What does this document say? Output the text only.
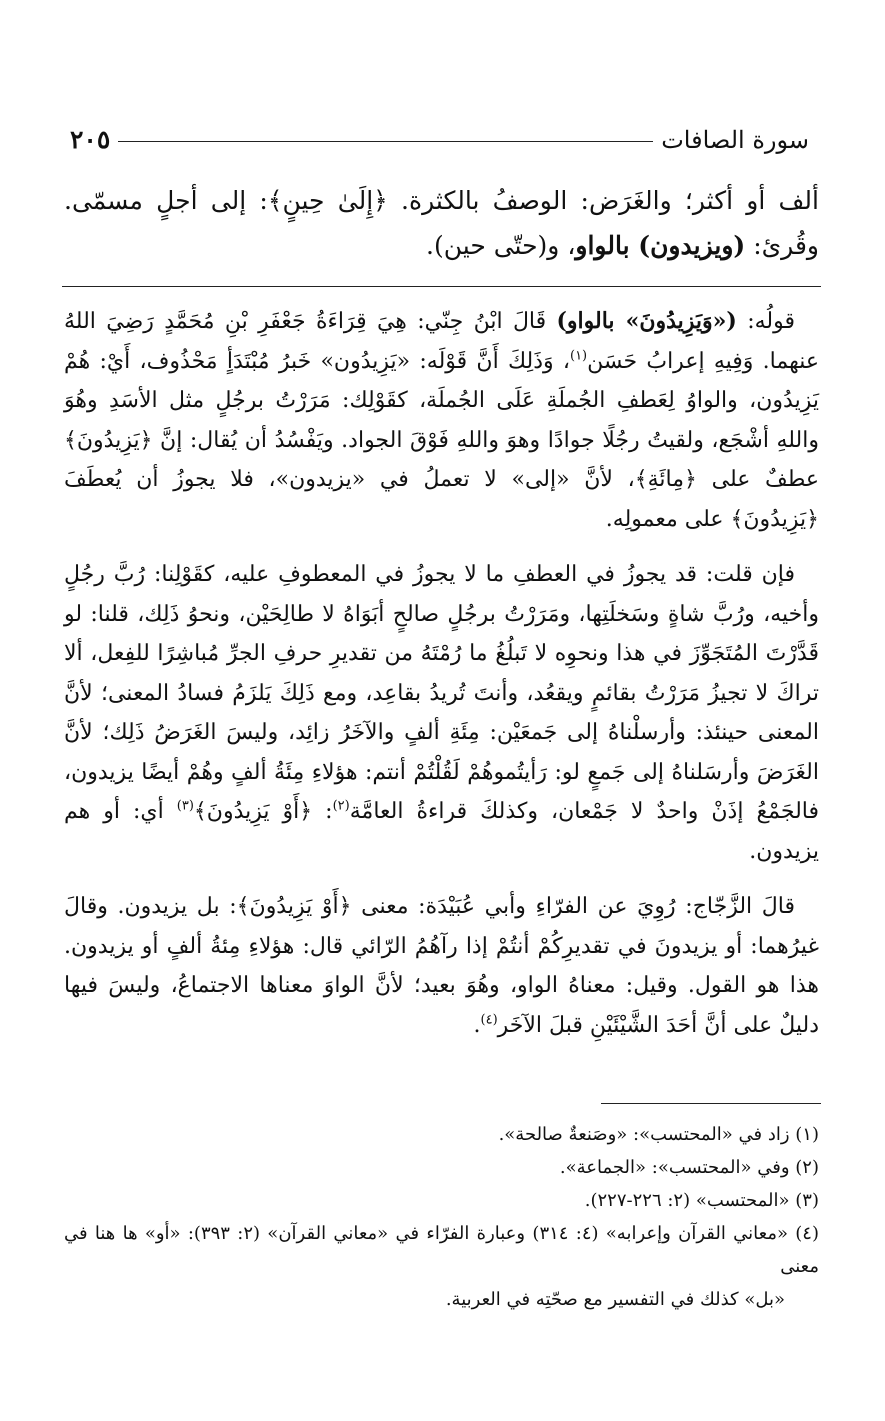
سورة الصافات
٢٠٥
ألف أو أكثر؛ والغَرَض: الوصفُ بالكثرة. ﴿إِلَىٰ حِينٍ﴾: إلى أجلٍ مسمّى. وقُرئ: (ويزيدون) بالواو، و(حتّى حين).

قولُه: («وَيَزِيدُونَ» بالواو) قَالَ ابْنُ جِنّي: هِيَ قِرَاءَةُ جَعْفَرِ بْنِ مُحَمَّدٍ رَضِيَ اللهُ عنهما. وَفِيهِ إعرابُ حَسَن$^{(١)}$، وَذَلِكَ أَنَّ قَوْلَه: «يَزِيدُون» خَبرُ مُبْتَدَأٍ مَحْذُوف، أَيْ: هُمْ يَزِيدُون، والواوُ لِعَطفِ الجُملَةِ عَلَى الجُملَة، كقَوْلِك: مَرَرْتُ برجُلٍ مثل الأسَدِ وهُوَ واللهِ أشْجَع، ولقيتُ رجُلًا جوادًا وهوَ واللهِ فَوْقَ الجواد. ويَفْسُدُ أن يُقال: إنَّ ﴿يَزِيدُونَ﴾ عطفٌ على ﴿مِائَةِ﴾، لأنَّ «إلى» لا تعملُ في «يزيدون»، فلا يجوزُ أن يُعطَفَ ﴿يَزِيدُونَ﴾ على معمولِه.

فإن قلت: قد يجوزُ في العطفِ ما لا يجوزُ في المعطوفِ عليه، كقَوْلِنا: رُبَّ رجُلٍ وأخيه، ورُبَّ شاةٍ وسَخلَتِها، ومَرَرْتُ برجُلٍ صالحٍ أبَوَاهُ لا طالِحَيْن، ونحوُ ذَلِك، قلنا: لو قَدَّرْتَ المُتَجَوِّزَ في هذا ونحوِه لا تَبلُغُ ما رُمْتَهُ من تقديرِ حرفِ الجرِّ مُباشِرًا للفِعل، ألا تراكَ لا تجيزُ مَرَرْتُ بقائمٍ ويقعُد، وأنتَ تُريدُ بقاعِد، ومع ذَلِكَ يَلزَمُ فسادُ المعنى؛ لأنَّ المعنى حينئذ: وأرسلْناهُ إلى جَمعَيْن: مِئَةِ ألفٍ والآخَرُ زائِد، وليسَ الغَرَضُ ذَلِك؛ لأنَّ الغَرَضَ وأرسَلناهُ إلى جَمعٍ لو: رَأيتُموهُمْ لَقُلْتُمْ أنتم: هؤلاءِ مِئَةُ ألفٍ وهُمْ أيضًا يزيدون، فالجَمْعُ إذَنْ واحدٌ لا جَمْعان، وكذلكَ قراءةُ العامَّة$^{(٢)}$: ﴿أَوْ يَزِيدُونَ﴾$^{(٣)}$ أي: أو هم يزيدون.

قالَ الزَّجّاج: رُوِيَ عن الفرّاءِ وأبي عُبَيْدَة: معنى ﴿أَوْ يَزِيدُونَ﴾: بل يزيدون. وقالَ غيرُهما: أو يزيدونَ في تقديرِكُمْ أنتُمْ إذا رآهُمُ الرّائي قال: هؤلاءِ مِئةُ ألفٍ أو يزيدون. هذا هو القول. وقيل: معناهُ الواو، وهُوَ بعيد؛ لأنَّ الواوَ معناها الاجتماعُ، وليسَ فيها دليلٌ على أنَّ أحَدَ الشَّيْئَيْنِ قبلَ الآخَر$^{(٤)}$.

(١) زاد في «المحتسب»: «وصَنعةٌ صالحة».

(٢) وفي «المحتسب»: «الجماعة».

(٣) «المحتسب» (٢: ٢٢٦-٢٢٧).

(٤) «معاني القرآن وإعرابه» (٤: ٣١٤) وعبارة الفرّاء في «معاني القرآن» (٢: ٣٩٣): «أو» ها هنا في معنى

«بل» كذلك في التفسير مع صحّتِه في العربية.
